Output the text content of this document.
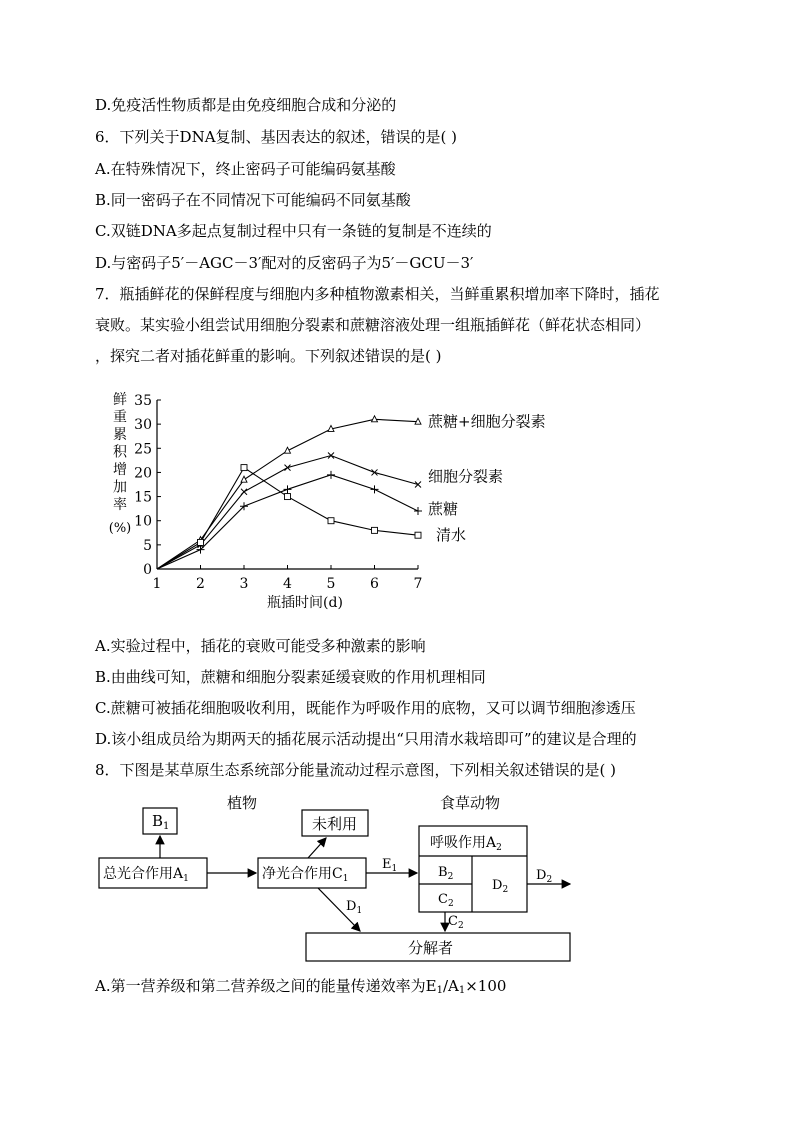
D.免疫活性物质都是由免疫细胞合成和分泌的
6．下列关于DNA复制、基因表达的叙述，错误的是( )
A.在特殊情况下，终止密码子可能编码氨基酸
B.同一密码子在不同情况下可能编码不同氨基酸
C.双链DNA多起点复制过程中只有一条链的复制是不连续的
D.与密码子5′－AGC－3′配对的反密码子为5′－GCU－3′
7．瓶插鲜花的保鲜程度与细胞内多种植物激素相关，当鲜重累积增加率下降时，插花
衰败。某实验小组尝试用细胞分裂素和蔗糖溶液处理一组瓶插鲜花（鲜花状态相同）
，探究二者对插花鲜重的影响。下列叙述错误的是( )
鲜
重
累
积
增
加
率
(%)
0
5
10
15
20
25
30
35
1 2 3 4 5 6 7
蔗糖+细胞分裂素
细胞分裂素
蔗糖
清水
瓶插时间(d)
A.实验过程中，插花的衰败可能受多种激素的影响
B.由曲线可知，蔗糖和细胞分裂素延缓衰败的作用机理相同
C.蔗糖可被插花细胞吸收利用，既能作为呼吸作用的底物，又可以调节细胞渗透压
D.该小组成员给为期两天的插花展示活动提出“只用清水栽培即可”的建议是合理的
8．下图是某草原生态系统部分能量流动过程示意图，下列相关叙述错误的是( )
植物	食草动物
$B_1$	未利用
总光合作用$A_1$	净光合作用$C_1$
$E_1$
呼吸作用$A_2$
$B_2$
$C_2$
$D_2$
$D_2$
$D_1$
$C_2$
分解者
A.第一营养级和第二营养级之间的能量传递效率为$E_1/A_1\times 100$
